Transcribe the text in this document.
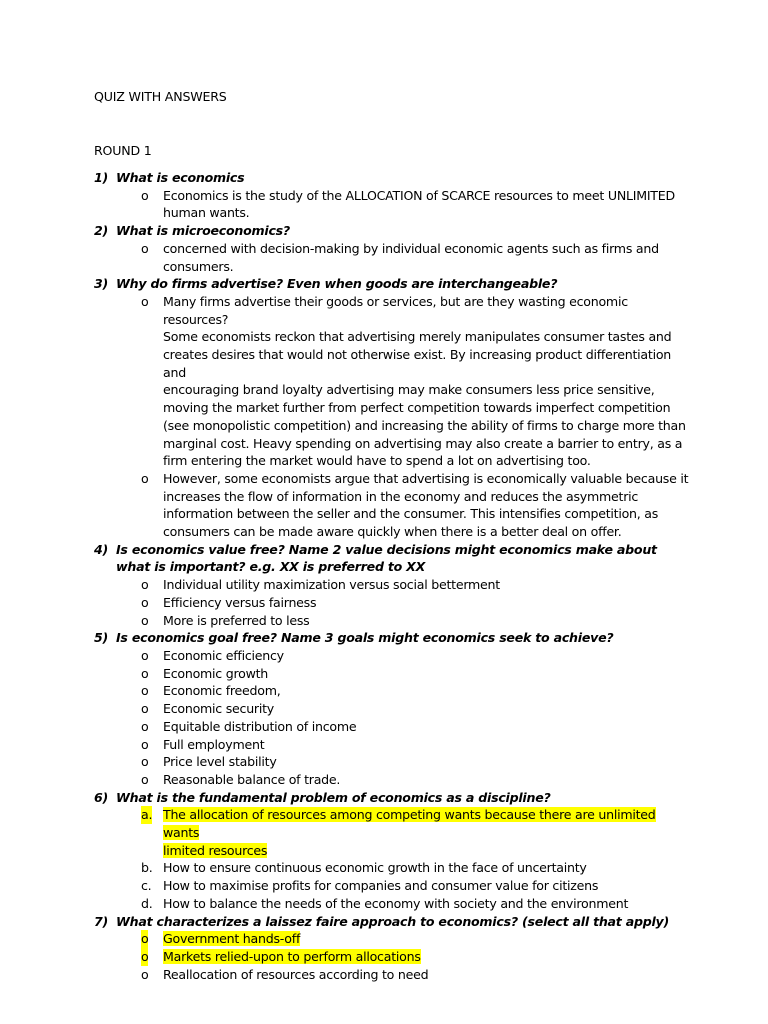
QUIZ WITH ANSWERS
ROUND 1
1) What is economics
o Economics is the study of the ALLOCATION of SCARCE resources to meet UNLIMITED
human wants.
2) What is microeconomics?
o concerned with decision-making by individual economic agents such as firms and
consumers.
3) Why do firms advertise? Even when goods are interchangeable?
o Many firms advertise their goods or services, but are they wasting economic resources?
Some economists reckon that advertising merely manipulates consumer tastes and
creates desires that would not otherwise exist. By increasing product differentiation and
encouraging brand loyalty advertising may make consumers less price sensitive,
moving the market further from perfect competition towards imperfect competition
(see monopolistic competition) and increasing the ability of firms to charge more than
marginal cost. Heavy spending on advertising may also create a barrier to entry, as a
firm entering the market would have to spend a lot on advertising too.
o However, some economists argue that advertising is economically valuable because it
increases the flow of information in the economy and reduces the asymmetric
information between the seller and the consumer. This intensifies competition, as
consumers can be made aware quickly when there is a better deal on offer.
4) Is economics value free? Name 2 value decisions might economics make about what is important? e.g. XX is preferred to XX
o Individual utility maximization versus social betterment
o Efficiency versus fairness
o More is preferred to less
5) Is economics goal free? Name 3 goals might economics seek to achieve?
o Economic efficiency
o Economic growth
o Economic freedom,
o Economic security
o Equitable distribution of income
o Full employment
o Price level stability
o Reasonable balance of trade.
6) What is the fundamental problem of economics as a discipline?
a. The allocation of resources among competing wants because there are unlimited wants
limited resources
b. How to ensure continuous economic growth in the face of uncertainty
c. How to maximise profits for companies and consumer value for citizens
d. How to balance the needs of the economy with society and the environment
7) What characterizes a laissez faire approach to economics? (select all that apply)
o Government hands-off
o Markets relied-upon to perform allocations
o Reallocation of resources according to need
